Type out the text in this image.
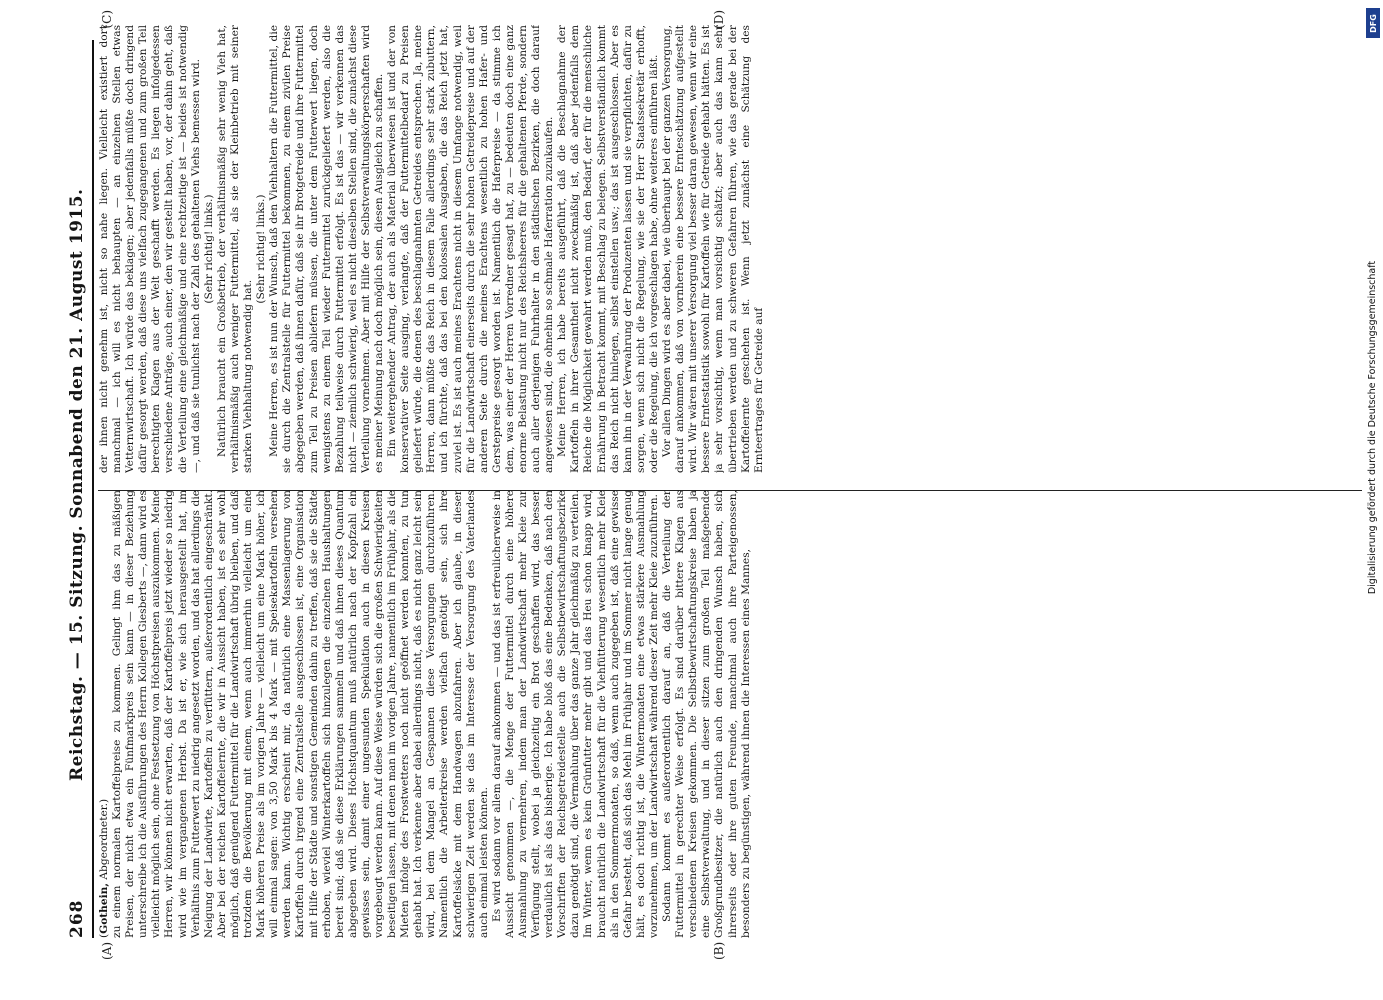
268
Reichstag. — 15. Sitzung. Sonnabend den 21. August 1915.
(A)	(B)
(C)	(D)

(Gothein, Abgeordneter.) zu einem normalen Kartoffelpreise zu kommen. Gelingt ihm das zu mäßigen Preisen, der nicht etwa ein Fünfmarkpreis sein kann — in dieser Beziehung unterschreibe ich die Ausführungen des Herrn Kollegen Giesberts —, dann wird es vielleicht möglich sein, ohne Festsetzung von Höchstpreisen auszukommen. Meine Herren, wir können nicht erwarten, daß der Kartoffelpreis jetzt wieder so niedrig wird wie im vergangenen Herbst. Da ist er, wie sich herausgestellt hat, im Verhältnis zum Futterwert zu niedrig angesetzt worden, und das hat allerdings die Neigung der Landwirte, Kartoffeln zu verfüttern, außerordentlich eingeschränkt. Aber bei der reichen Kartoffelernte, die wir in Aussicht haben, ist es sehr wohl möglich, daß genügend Futtermittel für die Landwirtschaft übrig bleiben, und daß trotzdem die Bevölkerung mit einem, wenn auch immerhin vielleicht um eine Mark höheren Preise als im vorigen Jahre — vielleicht um eine Mark höher, ich will einmal sagen: von 3,50 Mark bis 4 Mark — mit Speisekartoffeln versehen werden kann. Wichtig erscheint mir, da natürlich eine Massenlagerung von Kartoffeln durch irgend eine Zentralstelle ausgeschlossen ist, eine Organisation mit Hilfe der Städte und sonstigen Gemeinden dahin zu treffen, daß sie die Städte erhoben, wieviel Winterkartoffeln sich hinzulegen die einzelnen Haushaltungen bereit sind; daß sie diese Erklärungen sammeln und daß ihnen dieses Quantum abgegeben wird. Dieses Höchstquantum muß natürlich nach der Kopfzahl ein gewisses sein, damit einer ungesunden Spekulation auch in diesen Kreisen vorgebeugt werden kann. Auf diese Weise würden sich die großen Schwierigkeiten beseitigen lassen, mit denen man im vorigen Jahre, namentlich im Frühjahr, als die Mieten infolge des Frostwetters noch nicht geöffnet werden konnten, zu tun gehabt hat. Ich verkenne aber dabei allerdings nicht, daß es nicht ganz leicht sein wird, bei dem Mangel an Gespannen diese Versorgungen durchzuführen. Namentlich die Arbeiterkreise werden vielfach genötigt sein, sich ihre Kartoffelsäcke mit dem Handwagen abzufahren. Aber ich glaube, in dieser schwierigen Zeit werden sie das im Interesse der Versorgung des Vaterlandes auch einmal leisten können. Es wird sodann vor allem darauf ankommen — und das ist erfreulicherweise in Aussicht genommen —, die Menge der Futtermittel durch eine höhere Ausmahlung zu vermehren, indem man der Landwirtschaft mehr Kleie zur Verfügung stellt, wobei ja gleichzeitig ein Brot geschaffen wird, das besser verdaulich ist als das bisherige. Ich habe bloß das eine Bedenken, daß nach den Vorschriften der Reichsgetreidestelle auch die Selbstbewirtschaftungsbezirke dazu genötigt sind, die Vermahlung über das ganze Jahr gleichmäßig zu verteilen. Im Winter, wenn es kein Grünfutter mehr gibt und das Heu schon knapp wird, braucht natürlich die Landwirtschaft für die Viehfütterung wesentlich mehr Kleie als in den Sommermonaten, so daß, wenn auch zugegeben ist, daß eine gewisse Gefahr besteht, daß sich das Mehl im Frühjahr und im Sommer nicht lange genug hält, es doch richtig ist, die Wintermonaten eine etwas stärkere Ausmahlung vorzunehmen, um der Landwirtschaft während dieser Zeit mehr Kleie zuzuführen. Sodann kommt es außerordentlich darauf an, daß die Verteilung der Futtermittel in gerechter Weise erfolgt. Es sind darüber bittere Klagen aus verschiedenen Kreisen gekommen. Die Selbstbewirtschaftungskreise haben ja eine Selbstverwaltung, und in dieser sitzen zum großen Teil maßgebende Großgrundbesitzer, die natürlich auch den dringenden Wunsch haben, sich ihrerseits oder ihre guten Freunde, manchmal auch ihre Parteigenossen, besonders zu begünstigen, während ihnen die Interessen eines Mannes,

der ihnen nicht genehm ist, nicht so nahe liegen. Vielleicht existiert dort manchmal — ich will es nicht behaupten — an einzelnen Stellen etwas Vetternwirtschaft. Ich würde das beklagen; aber jedenfalls müßte doch dringend dafür gesorgt werden, daß diese uns vielfach zugegangenen und zum großen Teil berechtigten Klagen aus der Welt geschafft werden. Es liegen infolgedessen verschiedene Anträge, auch einer, den wir gestellt haben, vor, der dahin geht, daß die Verteilung eine gleichmäßige und eine rechtzeitige ist — beides ist notwendig —, und daß sie tunlichst nach der Zahl des gehaltenen Viehs bemessen wird. (Sehr richtig! links.) Natürlich braucht ein Großbetrieb, der verhältnismäßig sehr wenig Vieh hat, verhältnismäßig auch weniger Futtermittel, als sie der Kleinbetrieb mit seiner starken Viehhaltung notwendig hat.

(Sehr richtig! links.) Meine Herren, es ist nun der Wunsch, daß den Viehhaltern die Futtermittel, die sie durch die Zentralstelle für Futtermittel bekommen, zu einem zivilen Preise abgegeben werden, daß ihnen dafür, daß sie ihr Brotgetreide und ihre Futtermittel zum Teil zu Preisen abliefern müssen, die unter dem Futterwert liegen, doch wenigstens zu einem Teil wieder Futtermittel zurückgeliefert werden, also die Bezahlung teilweise durch Futtermittel erfolgt. Es ist das — wir verkennen das nicht — ziemlich schwierig, weil es nicht dieselben Stellen sind, die zunächst diese Verteilung vornehmen. Aber mit Hilfe der Selbstverwaltungskörperschaften wird es meiner Meinung nach doch möglich sein, diesen Ausgleich zu schaffen. Ein weitergehender Antrag, der auch als Material überwiesen ist und der von konservativer Seite ausging, verlangte, daß der Futtermittelbedarf zu Preisen geliefert würde, die denen des beschlagnahmten Getreides entsprechen. Ja, meine Herren, dann müßte das Reich in diesem Falle allerdings sehr stark zubuttern, und ich fürchte, daß das bei den kolossalen Ausgaben, die das Reich jetzt hat, zuviel ist. Es ist auch meines Erachtens nicht in diesem Umfange notwendig, weil für die Landwirtschaft einerseits durch die sehr hohen Getreidepreise und auf der anderen Seite durch die meines Erachtens wesentlich zu hohen Hafer- und Gerstepreise gesorgt worden ist. Namentlich die Haferpreise — da stimme ich dem, was einer der Herren Vorredner gesagt hat, zu — bedeuten doch eine ganz enorme Belastung nicht nur des Reichsheeres für die gehaltenen Pferde, sondern auch aller derjenigen Fuhrhalter in den städtischen Bezirken, die doch darauf angewiesen sind, die ohnehin so schmale Haferration zuzukaufen. Meine Herren, ich habe bereits ausgeführt, daß die Beschlagnahme der Kartoffeln in ihrer Gesamtheit nicht zweckmäßig ist, daß aber jedenfalls dem Reiche die Möglichkeit gewahrt werden muß, den Bedarf, der für die menschliche Ernährung in Betracht kommt, mit Beschlag zu belegen. Selbstverständlich kommt das Reich nicht hinlegen, selbst einstellen usw.; das ist ausgeschlossen. Aber es kann ihn in der Verwahrung der Produzenten lassen und sie verpflichten, dafür zu sorgen, wenn sich nicht die Regelung, wie sie der Herr Staatssekretär erhofft, oder die Regelung, die ich vorgeschlagen habe, ohne weiteres einführen läßt. Vor allen Dingen wird es aber dabei, wie überhaupt bei der ganzen Versorgung, darauf ankommen, daß von vornherein eine bessere Ernteschätzung aufgestellt wird. Wir wären mit unserer Versorgung viel besser daran gewesen, wenn wir eine bessere Erntestatistik sowohl für Kartoffeln wie für Getreide gehabt hätten. Es ist ja sehr vorsichtig, wenn man vorsichtig schätzt; aber auch das kann sehr übertrieben werden und zu schweren Gefahren führen, wie das gerade bei der Kartoffelernte geschehen ist. Wenn jetzt zunächst eine Schätzung des Ernteertrages für Getreide auf

DFG
Digitalisierung gefördert durch die Deutsche Forschungsgemeinschaft
